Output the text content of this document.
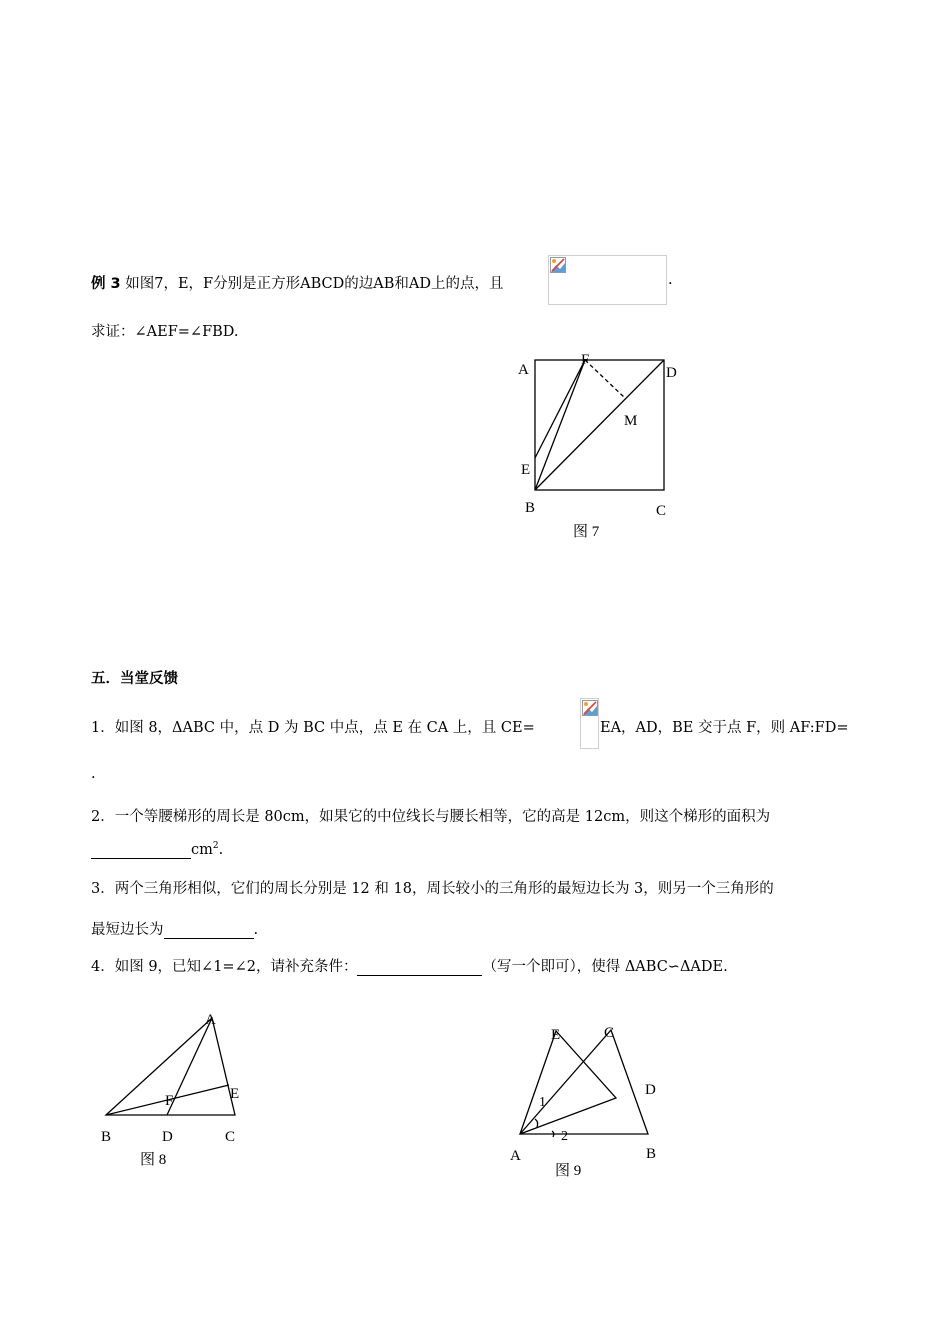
例 3 如图7，E，F分别是正方形ABCD的边AB和AD上的点，且	.
求证：∠AEF=∠FBD.
A
F
D
M
E
B	C
图 7
五．当堂反馈
1．如图 8，ΔABC 中，点 D 为 BC 中点，点 E 在 CA 上，且 CE=	EA，AD，BE 交于点 F，则 AF:FD=
.
2．一个等腰梯形的周长是 80cm，如果它的中位线长与腰长相等，它的高是 12cm，则这个梯形的面积为
$cm^2$.
3．两个三角形相似，它们的周长分别是 12 和 18，周长较小的三角形的最短边长为 3，则另一个三角形的
最短边长为	.
4．如图 9，已知∠1=∠2，请补充条件：	（写一个即可），使得 ΔABC∽ΔADE.
A
E
F
B	D	C
图 8
E	C
D
1
2
A	B
图 9
